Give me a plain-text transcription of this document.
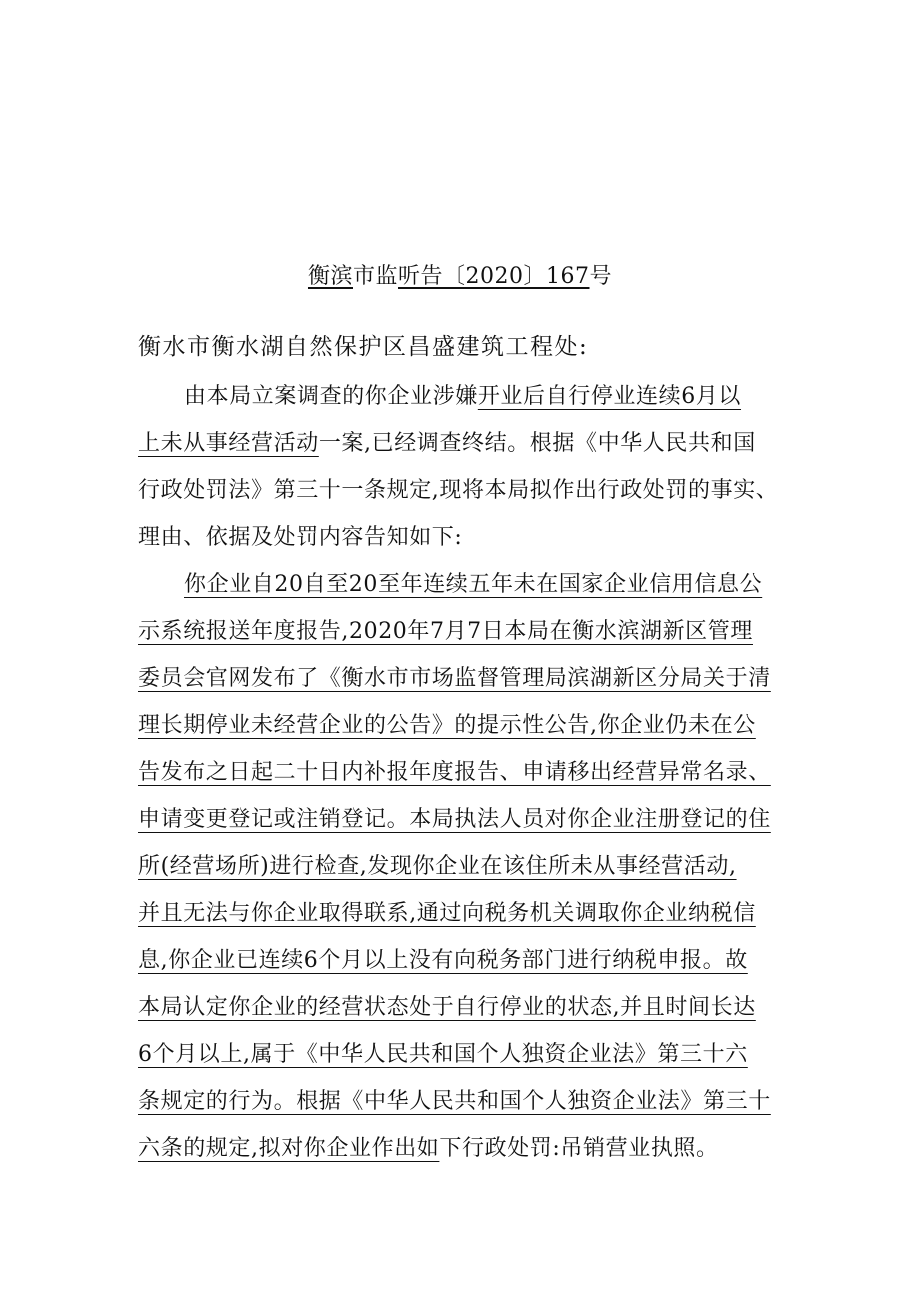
衡滨市监听告〔2020〕167号
衡水市衡水湖自然保护区昌盛建筑工程处:
由本局立案调查的你企业涉嫌开业后自行停业连续6月以
上未从事经营活动一案,已经调查终结。根据《中华人民共和国
行政处罚法》第三十一条规定,现将本局拟作出行政处罚的事实、
理由、依据及处罚内容告知如下:
你企业自20自至20至年连续五年未在国家企业信用信息公
示系统报送年度报告,2020年7月7日本局在衡水滨湖新区管理
委员会官网发布了《衡水市市场监督管理局滨湖新区分局关于清
理长期停业未经营企业的公告》的提示性公告,你企业仍未在公
告发布之日起二十日内补报年度报告、申请移出经营异常名录、
申请变更登记或注销登记。本局执法人员对你企业注册登记的住
所(经营场所)进行检查,发现你企业在该住所未从事经营活动,
并且无法与你企业取得联系,通过向税务机关调取你企业纳税信
息,你企业已连续6个月以上没有向税务部门进行纳税申报。故
本局认定你企业的经营状态处于自行停业的状态,并且时间长达
6个月以上,属于《中华人民共和国个人独资企业法》第三十六
条规定的行为。根据《中华人民共和国个人独资企业法》第三十
六条的规定,拟对你企业作出如下行政处罚:吊销营业执照。
